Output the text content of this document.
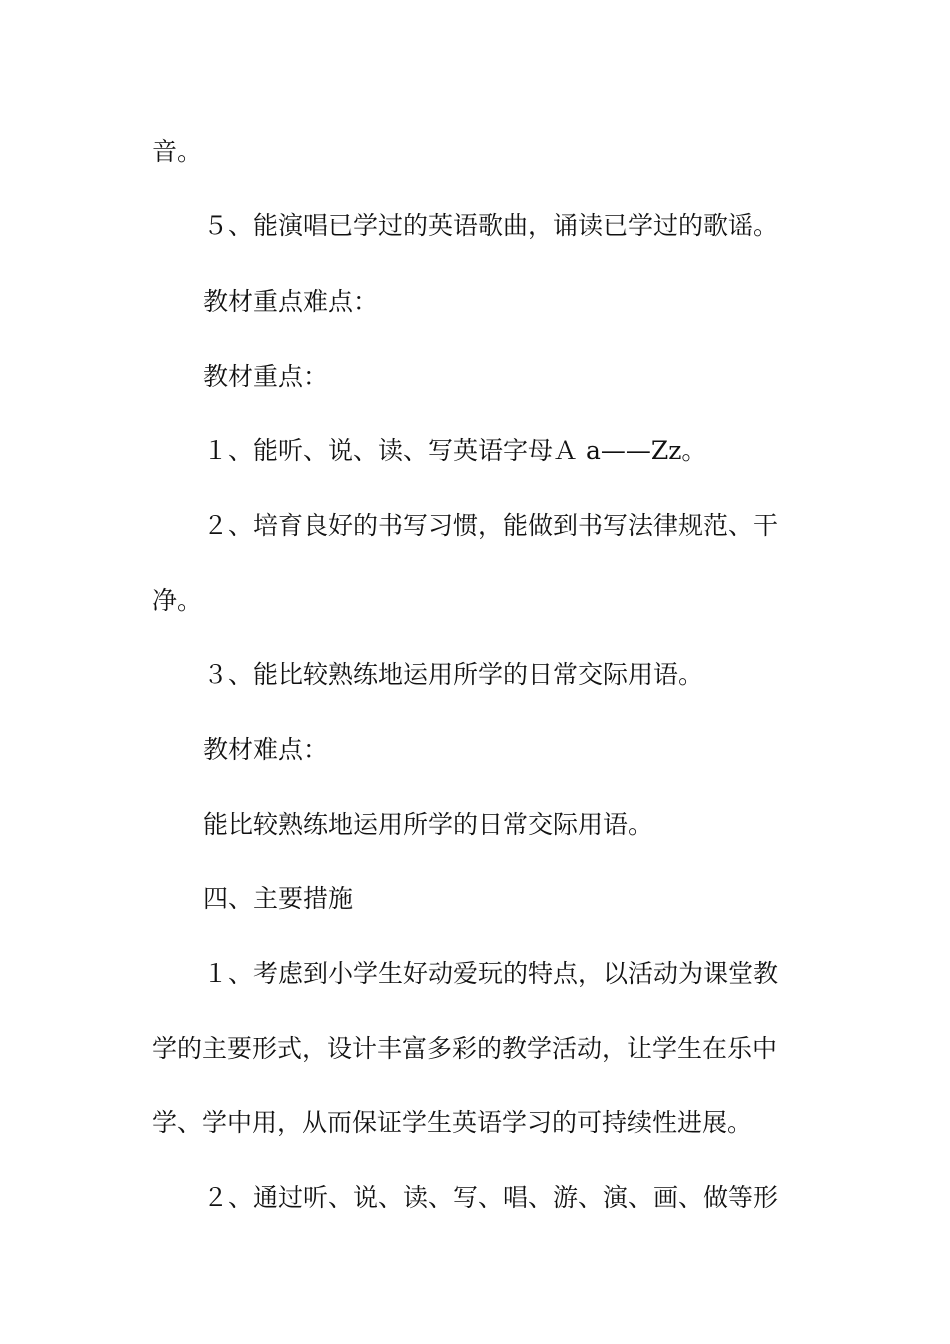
音。

５、能演唱已学过的英语歌曲，诵读已学过的歌谣。

教材重点难点：

教材重点：

１、能听、说、读、写英语字母Ａ a——Zz。

２、培育良好的书写习惯，能做到书写法律规范、干

净。

３、能比较熟练地运用所学的日常交际用语。

教材难点：

能比较熟练地运用所学的日常交际用语。

四、主要措施

１、考虑到小学生好动爱玩的特点，以活动为课堂教

学的主要形式，设计丰富多彩的教学活动，让学生在乐中

学、学中用，从而保证学生英语学习的可持续性进展。

２、通过听、说、读、写、唱、游、演、画、做等形
